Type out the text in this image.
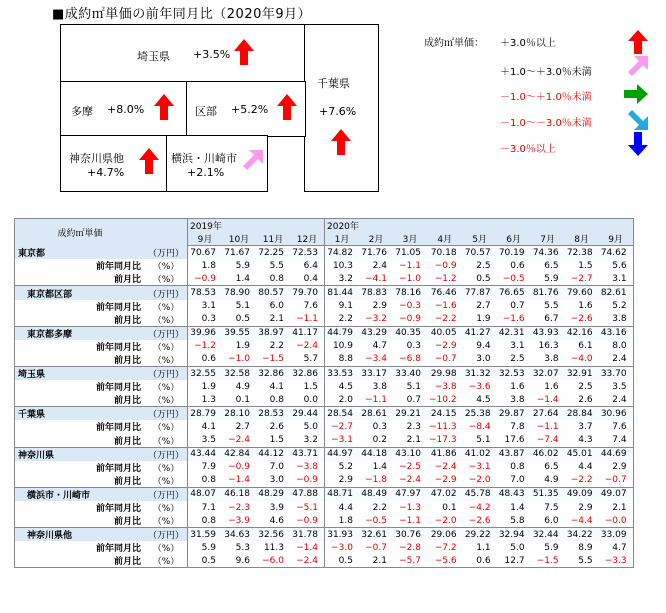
■成約㎡単価の前年同月比（2020年9月）
埼玉県 +3.5%
千葉県
+7.6%
多摩 +8.0%	区部 +5.2%
神奈川県他
+4.7%
横浜・川崎市
+2.1%
成約㎡単価： ＋3.0％以上
＋1.0～＋3.0％未満
－1.0～＋1.0％未満
－1.0～－3.0％未満
－3.0％以上
成約㎡単価		2019年				2020年								
		9月	10月	11月	12月	1月	2月	3月	4月	5月	6月	7月	8月	9月
東京都	（万円）	70.67	71.67	72.25	72.53	74.82	71.76	71.05	70.18	70.57	70.19	74.36	72.38	74.62
前年同月比	（%）	1.8	5.9	5.5	6.4	10.3	2.4	−1.1	−0.9	2.5	0.6	6.5	1.5	5.6
前月比	（%）	−0.9	1.4	0.8	0.4	3.2	−4.1	−1.0	−1.2	0.5	−0.5	5.9	−2.7	3.1
東京都区部	（万円）	78.53	78.90	80.57	79.70	81.44	78.83	78.16	76.46	77.87	76.65	81.76	79.60	82.61
前年同月比	（%）	3.1	5.1	6.0	7.6	9.1	2.9	−0.3	−1.6	2.7	0.7	5.5	1.6	5.2
前月比	（%）	0.3	0.5	2.1	−1.1	2.2	−3.2	−0.9	−2.2	1.9	−1.6	6.7	−2.6	3.8
東京都多摩	（万円）	39.96	39.55	38.97	41.17	44.79	43.29	40.35	40.05	41.27	42.31	43.93	42.16	43.16
前年同月比	（%）	−1.2	1.9	2.2	−2.4	10.9	4.7	0.3	−2.9	9.4	3.1	16.3	6.1	8.0
前月比	（%）	0.6	−1.0	−1.5	5.7	8.8	−3.4	−6.8	−0.7	3.0	2.5	3.8	−4.0	2.4
埼玉県	（万円）	32.55	32.58	32.86	32.86	33.53	33.17	33.40	29.98	31.32	32.53	32.07	32.91	33.70
前年同月比	（%）	1.9	4.9	4.1	1.5	4.5	3.8	5.1	−3.8	−3.6	1.6	1.6	2.5	3.5
前月比	（%）	1.3	0.1	0.8	0.0	2.0	−1.1	0.7	−10.2	4.5	3.8	−1.4	2.6	2.4
千葉県	（万円）	28.79	28.10	28.53	29.44	28.54	28.61	29.21	24.15	25.38	29.87	27.64	28.84	30.96
前年同月比	（%）	4.1	2.7	2.6	5.0	−2.7	0.3	2.3	−11.3	−8.4	7.8	−1.1	3.7	7.6
前月比	（%）	3.5	−2.4	1.5	3.2	−3.1	0.2	2.1	−17.3	5.1	17.6	−7.4	4.3	7.4
神奈川県	（万円）	43.44	42.84	44.12	43.71	44.97	44.18	43.10	41.86	41.02	43.87	46.02	45.01	44.69
前年同月比	（%）	7.9	−0.9	7.0	−3.8	5.2	1.4	−2.5	−2.4	−3.1	0.8	6.5	4.4	2.9
前月比	（%）	0.8	−1.4	3.0	−0.9	2.9	−1.8	−2.4	−2.9	−2.0	7.0	4.9	−2.2	−0.7
横浜市・川崎市	（万円）	48.07	46.18	48.29	47.88	48.71	48.49	47.97	47.02	45.78	48.43	51.35	49.09	49.07
前年同月比	（%）	7.1	−2.3	3.9	−5.1	4.4	2.2	−1.3	0.1	−4.2	1.4	7.5	2.9	2.1
前月比	（%）	0.8	−3.9	4.6	−0.9	1.8	−0.5	−1.1	−2.0	−2.6	5.8	6.0	−4.4	−0.0
神奈川県他	（万円）	31.59	34.63	32.56	31.78	31.93	32.61	30.76	29.06	29.22	32.94	32.44	34.22	33.09
前年同月比	（%）	5.9	5.3	11.3	−1.4	−3.0	−0.7	−2.8	−7.2	1.1	5.0	5.9	8.9	4.7
前月比	（%）	0.5	9.6	−6.0	−2.4	0.5	2.1	−5.7	−5.6	0.6	12.7	−1.5	5.5	−3.3
